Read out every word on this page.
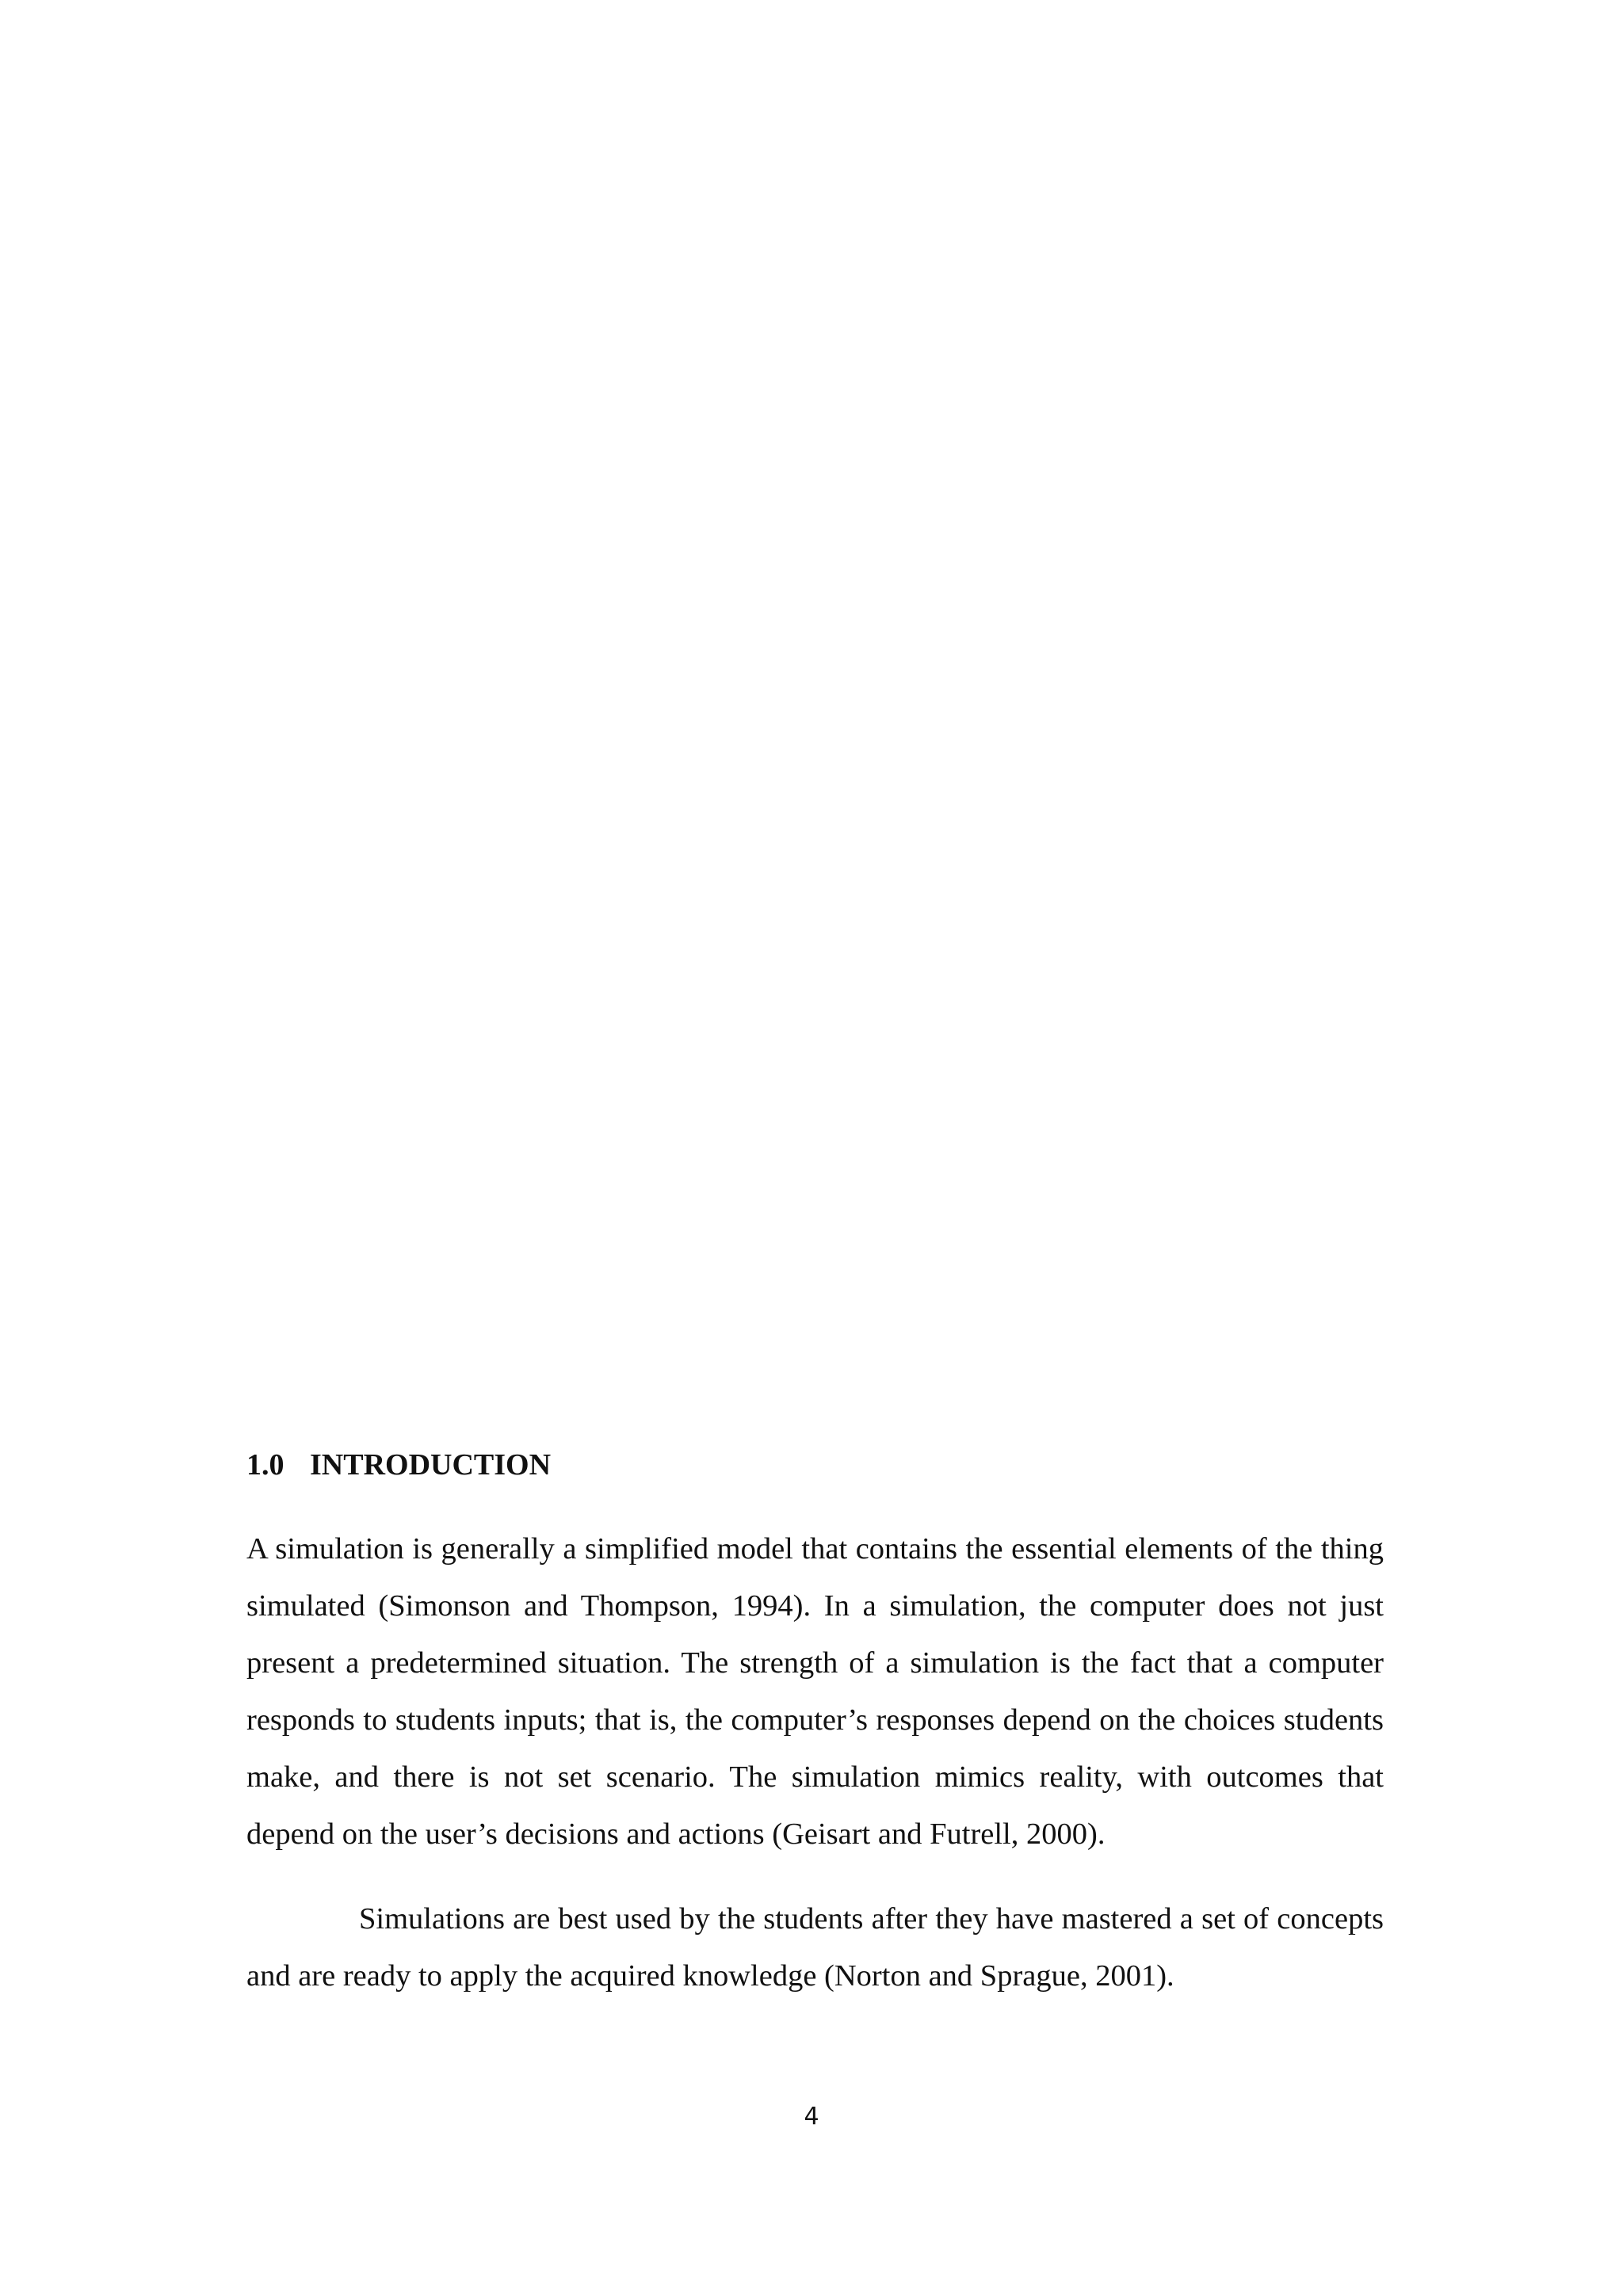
1.0 INTRODUCTION

A simulation is generally a simplified model that contains the essential elements of the thing simulated (Simonson and Thompson, 1994). In a simulation, the computer does not just present a predetermined situation. The strength of a simulation is the fact that a computer responds to students inputs; that is, the computer’s responses depend on the choices students make, and there is not set scenario. The simulation mimics reality, with outcomes that depend on the user’s decisions and actions (Geisart and Futrell, 2000).

Simulations are best used by the students after they have mastered a set of concepts and are ready to apply the acquired knowledge (Norton and Sprague, 2001).

4
